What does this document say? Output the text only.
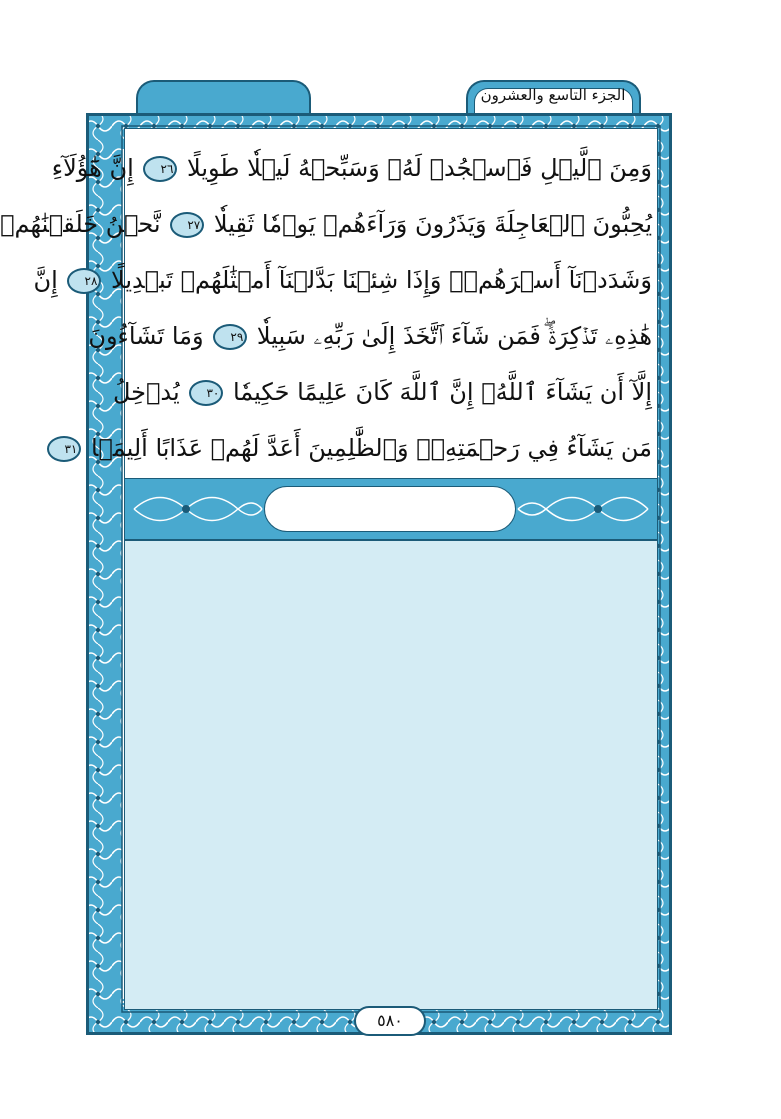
الجزء التاسع والعشرون
وَمِنَ ٱلَّيۡلِ فَٱسۡجُدۡ لَهُۥ وَسَبِّحۡهُ لَيۡلٗا طَوِيلًا ٢٦ إِنَّ هَٰٓؤُلَآءِ
يُحِبُّونَ ٱلۡعَاجِلَةَ وَيَذَرُونَ وَرَآءَهُمۡ يَوۡمٗا ثَقِيلٗا ٢٧ نَّحۡنُ خَلَقۡنَٰهُمۡ
وَشَدَدۡنَآ أَسۡرَهُمۡۖ وَإِذَا شِئۡنَا بَدَّلۡنَآ أَمۡثَٰلَهُمۡ تَبۡدِيلًا ٢٨ إِنَّ
هَٰذِهِۦ تَذۡكِرَةٞۖ فَمَن شَآءَ ٱتَّخَذَ إِلَىٰ رَبِّهِۦ سَبِيلٗا ٢٩ وَمَا تَشَآءُونَ
إِلَّآ أَن يَشَآءَ ٱللَّهُۚ إِنَّ ٱللَّهَ كَانَ عَلِيمًا حَكِيمٗا ٣٠ يُدۡخِلُ
مَن يَشَآءُ فِي رَحۡمَتِهِۦۚ وَٱلظَّٰلِمِينَ أَعَدَّ لَهُمۡ عَذَابًا أَلِيمَۢا ٣١
٥٨٠
